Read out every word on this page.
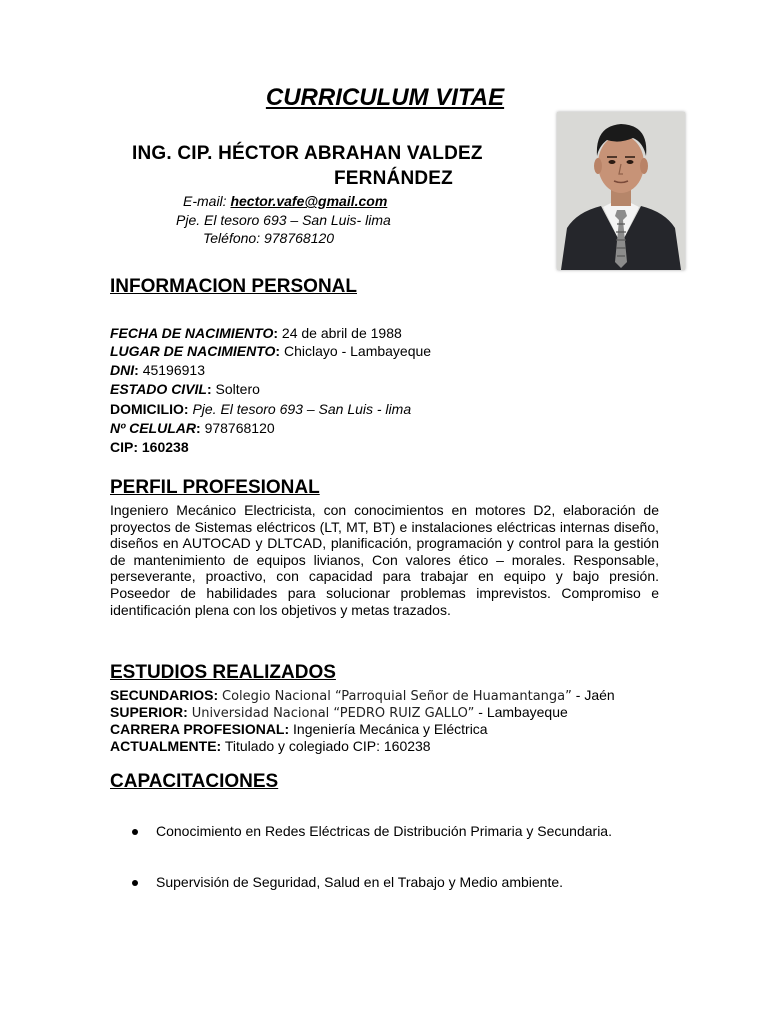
CURRICULUM VITAE
ING. CIP. HÉCTOR ABRAHAN VALDEZ
FERNÁNDEZ
E-mail: hector.vafe@gmail.com
Pje. El tesoro 693 – San Luis- lima
Teléfono: 978768120
INFORMACION PERSONAL
FECHA DE NACIMIENTO: 24 de abril de 1988
LUGAR DE NACIMIENTO: Chiclayo - Lambayeque
DNI: 45196913
ESTADO CIVIL: Soltero
DOMICILIO: Pje. El tesoro 693 – San Luis - lima
Nº CELULAR: 978768120
CIP: 160238
PERFIL PROFESIONAL
Ingeniero Mecánico Electricista, con conocimientos en motores D2, elaboración de proyectos de Sistemas eléctricos (LT, MT, BT) e instalaciones eléctricas internas diseño, diseños en AUTOCAD y DLTCAD, planificación, programación y control para la gestión de mantenimiento de equipos livianos, Con valores ético – morales. Responsable, perseverante, proactivo, con capacidad para trabajar en equipo y bajo presión. Poseedor de habilidades para solucionar problemas imprevistos. Compromiso e identificación plena con los objetivos y metas trazados.
ESTUDIOS REALIZADOS
SECUNDARIOS: Colegio Nacional “Parroquial Señor de Huamantanga” - Jaén
SUPERIOR: Universidad Nacional “PEDRO RUIZ GALLO” - Lambayeque
CARRERA PROFESIONAL: Ingeniería Mecánica y Eléctrica
ACTUALMENTE: Titulado y colegiado CIP: 160238
CAPACITACIONES
Conocimiento en Redes Eléctricas de Distribución Primaria y Secundaria.
Supervisión de Seguridad, Salud en el Trabajo y Medio ambiente.
